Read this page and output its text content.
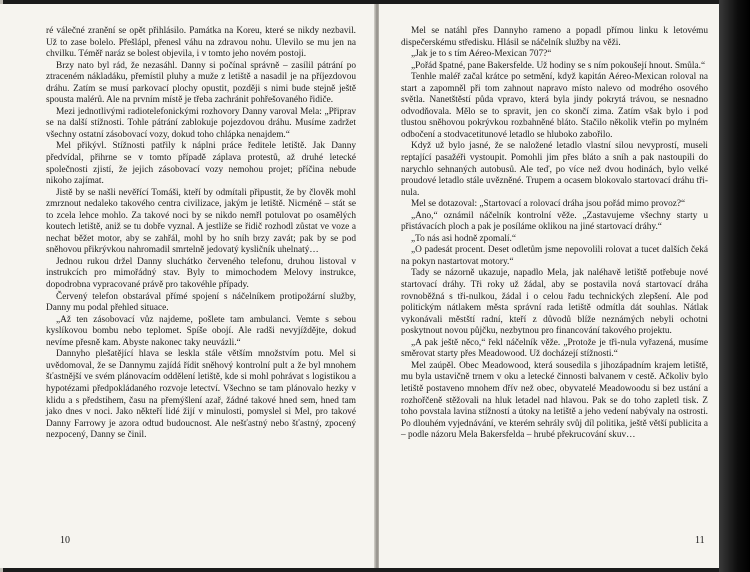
ré válečné zranění se opět přihlásilo. Památka na Koreu, které se nikdy nezbavil. Už to zase bolelo. Přešlápl, přenesl váhu na zdravou nohu. Ulevilo se mu jen na chvilku. Téměř naráz se bolest objevila, i v tomto jeho novém postoji.

Brzy nato byl rád, že nezasáhl. Danny si počínal správně – zasílil pátrání po ztraceném nákladáku, přemístil pluhy a muže z letiště a nasadil je na příjezdovou dráhu. Zatím se musí parkovací plochy opustit, později s nimi bude stejně ještě spousta malérů. Ale na prvním místě je třeba zachránit pohřešovaného řidiče.

Mezi jednotlivými radiotelefonickými rozhovory Danny varoval Mela: „Připrav se na další stížnosti. Tohle pátrání zablokuje pojezdovou dráhu. Musíme zadržet všechny ostatní zásobovací vozy, dokud toho chlápka nenajdem.“

Mel přikývl. Stížnosti patřily k náplni práce ředitele letiště. Jak Danny předvídal, přihrne se v tomto případě záplava protestů, až druhé letecké společnosti zjistí, že jejich zásobovací vozy nemohou projet; příčina nebude nikoho zajímat.

Jistě by se našli nevěřící Tomáši, kteří by odmítali připustit, že by člověk mohl zmrznout nedaleko takového centra civilizace, jakým je letiště. Nicméně – stát se to zcela lehce mohlo. Za takové noci by se nikdo nemřl potulovat po osamělých koutech letiště, aniž se tu dobře vyznal. A jestliže se řidič rozhodl zůstat ve voze a nechat běžet motor, aby se zahřál, mohl by ho sníh brzy zavát; pak by se pod sněhovou přikrývkou nahromadil smrtelně jedovatý kysličník uhelnatý…

Jednou rukou držel Danny sluchátko červeného telefonu, druhou listoval v instrukcích pro mimořádný stav. Byly to mimochodem Melovy instrukce, dopodrobna vypracované právě pro takovéhle případy.

Červený telefon obstarával přímé spojení s náčelníkem protipožární služby, Danny mu podal přehled situace.

„Až ten zásobovací vůz najdeme, pošlete tam ambulanci. Vemte s sebou kyslíkovou bombu nebo teplomet. Spíše obojí. Ale radši nevyjíždějte, dokud nevíme přesně kam. Abyste nakonec taky neuvázli.“

Dannyho plešatějící hlava se leskla stále větším množstvím potu. Mel si uvědomoval, že se Dannymu zajídá řídit sněhový kontrolní pult a že byl mnohem šťastnější ve svém plánovacím oddělení letiště, kde si mohl pohrávat s logistikou a hypotézami předpokládaného rozvoje letectví. Všechno se tam plánovalo hezky v klidu a s předstihem, času na přemýšlení azař, žádné takové hned sem, hned tam jako dnes v noci. Jako někteří lidé žijí v minulosti, pomyslel si Mel, pro takové Danny Farrowy je azora odtud budoucnost. Ale nešťastný nebo šťastný, zpocený nezpocený, Danny se činil.

10

Mel se natáhl přes Dannyho rameno a popadl přímou linku k letovému dispečerskému středisku. Hlásil se náčelník služby na věži.

„Jak je to s tím Aéreo-Mexican 707?“

„Pořád špatné, pane Bakersfelde. Už hodiny se s ním pokoušejí hnout. Smůla.“

Tenhle maléř začal krátce po setmění, když kapitán Aéreo-Mexican roloval na start a zapomněl při tom zahnout napravo místo nalevo od modrého osového světla. Nanetštěstí půda vpravo, která byla jindy pokrytá trávou, se nesnadno odvodňovala. Mělo se to spravit, jen co skončí zima. Zatím však bylo i pod tlustou sněhovou pokrývkou rozbahněné bláto. Stačilo několik vteřin po mylném odbočení a stodvacetitunové letadlo se hluboko zabořilo.

Když už bylo jasné, že se naložené letadlo vlastní silou nevyprostí, museli reptající pasažéři vystoupit. Pomohli jim přes bláto a sníh a pak nastoupili do narychlo sehnaných autobusů. Ale teď, po více než dvou hodinách, bylo velké proudové letadlo stále uvězněné. Trupem a ocasem blokovalo startovací dráhu tři-nula.

Mel se dotazoval: „Startovací a rolovací dráha jsou pořád mimo provoz?“

„Ano,“ oznámil náčelník kontrolní věže. „Zastavujeme všechny starty u přistávacích ploch a pak je posíláme oklikou na jiné startovací dráhy.“

„To nás asi hodně zpomalí.“

„O padesát procent. Deset odletům jsme nepovolili rolovat a tucet dalších čeká na pokyn nastartovat motory.“

Tady se názorně ukazuje, napadlo Mela, jak naléhavě letiště potřebuje nové startovací dráhy. Tři roky už žádal, aby se postavila nová startovací dráha rovnoběžná s tři-nulkou, žádal i o celou řadu technických zlepšení. Ale pod politickým nátlakem města správní rada letiště odmítla dát souhlas. Nátlak vykonávali městští radní, kteří z důvodů blíže neznámých nebyli ochotni poskytnout novou půjčku, nezbytnou pro financování takového projektu.

„A pak ještě něco,“ řekl náčelník věže. „Protože je tři-nula vyřazená, musíme směrovat starty přes Meadowood. Už docházejí stížnosti.“

Mel zaúpěl. Obec Meadowood, která sousedila s jihozápadním krajem letiště, mu byla ustavičně trnem v oku a letecké činnosti balvanem v cestě. Ačkoliv bylo letiště postaveno mnohem dřív než obec, obyvatelé Meadowoodu si bez ustání a rozhořčeně stěžovali na hluk letadel nad hlavou. Pak se do toho zapletl tisk. Z toho povstala lavina stížností a útoky na letiště a jeho vedení nabývaly na ostrosti. Po dlouhém vyjednávání, ve kterém sehrály svůj díl politika, ještě větší publicita a – podle názoru Mela Bakersfelda – hrubé překrucování skuv…

11
